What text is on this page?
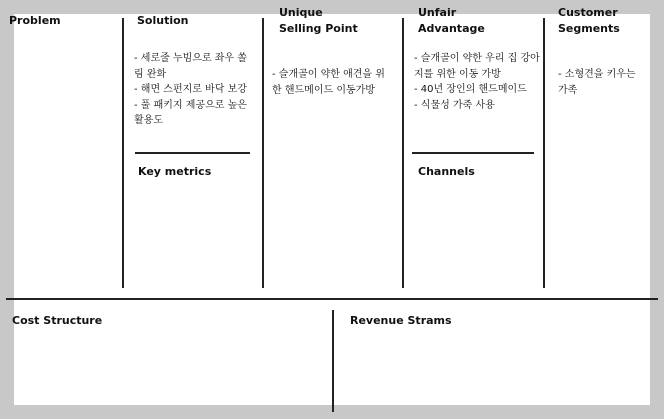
Problem	Solution
- 세로줄 누빔으로 좌우 쏠림 완화
- 해면 스펀지로 바닥 보강
- 풀 패키지 제공으로 높은 활용도
Key metrics
Unique
Selling Point
- 슬개골이 약한 애견을 위한 핸드메이드 이동가방
Unfair
Advantage
- 슬개골이 약한 우리 집 강아지를 위한 이동 가방
- 40년 장인의 핸드메이드
- 식물성 가죽 사용
Channels
Customer
Segments
- 소형견을 키우는 가족
Cost Structure	Revenue Strams
